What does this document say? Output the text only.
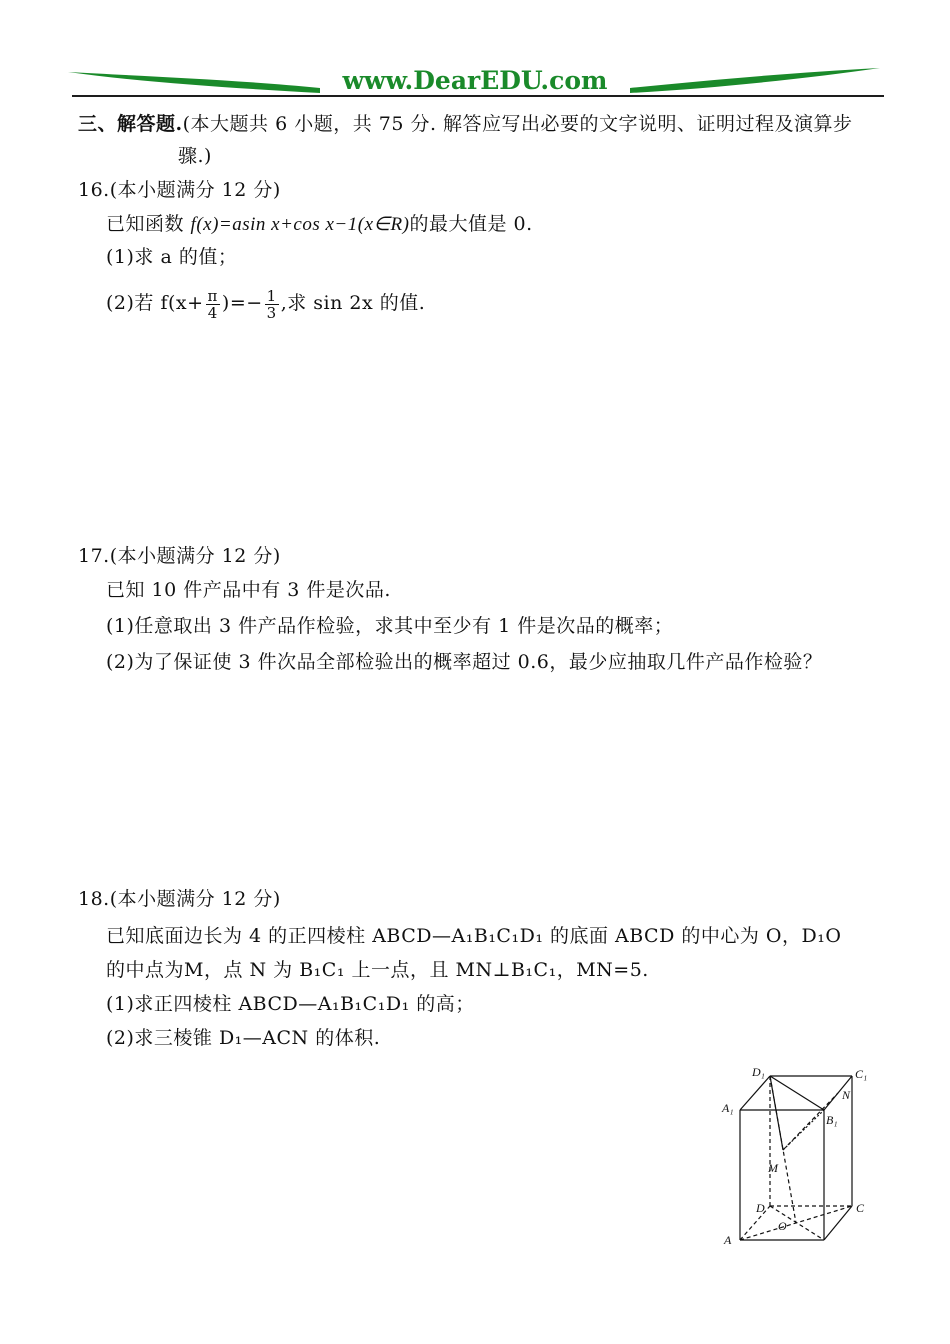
www.DearEDU.com
三、解答题.(本大题共 6 小题，共 75 分. 解答应写出必要的文字说明、证明过程及演算步
骤.)
16.(本小题满分 12 分)
已知函数 f(x)=asin x+cos x−1(x∈R)的最大值是 0.
(1)求 a 的值；
(2)若 $f(x+ \frac{\pi}{4}$ )=− $\frac{1}{3}$ ,求 sin 2x 的值.
17.(本小题满分 12 分)
已知 10 件产品中有 3 件是次品.
(1)任意取出 3 件产品作检验，求其中至少有 1 件是次品的概率；
(2)为了保证使 3 件次品全部检验出的概率超过 0.6，最少应抽取几件产品作检验？
18.(本小题满分 12 分)
已知底面边长为 4 的正四棱柱 ABCD—A₁B₁C₁D₁ 的底面 ABCD 的中心为 O，D₁O
的中点为M，点 N 为 B₁C₁ 上一点，且 MN⊥B₁C₁，MN=5.
(1)求正四棱柱 ABCD—A₁B₁C₁D₁ 的高；
(2)求三棱锥 D₁—ACN 的体积.
D₁	C₁
A₁
B₁
N
M
D	C
O
A
